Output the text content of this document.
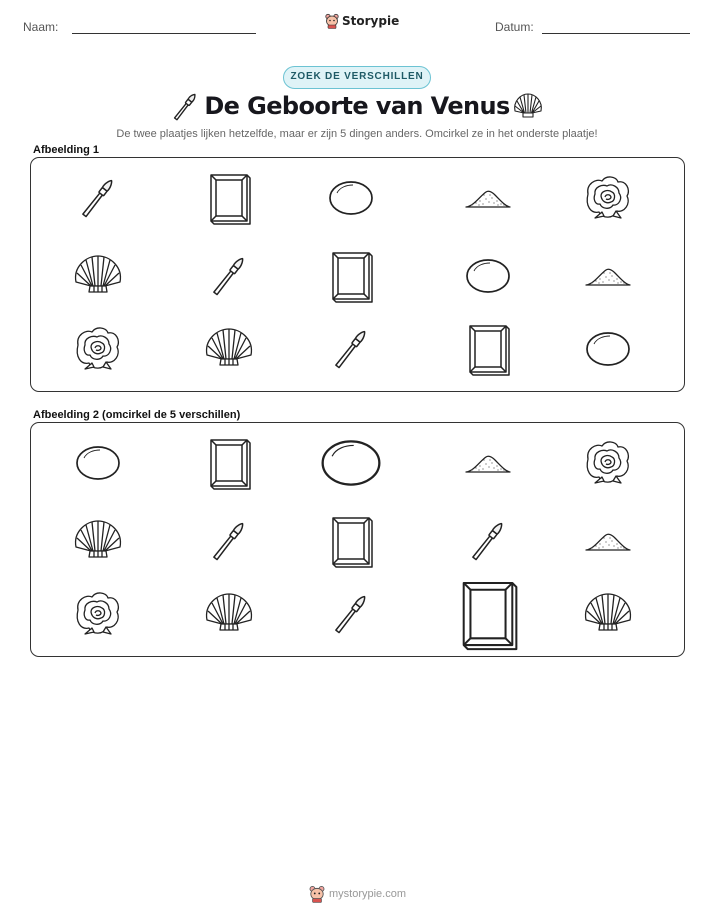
Naam:	Storypie	Datum:
ZOEK DE VERSCHILLEN
De Geboorte van Venus
De twee plaatjes lijken hetzelfde, maar er zijn 5 dingen anders. Omcirkel ze in het onderste plaatje!
Afbeelding 1
Afbeelding 2 (omcirkel de 5 verschillen)
mystorypie.com
